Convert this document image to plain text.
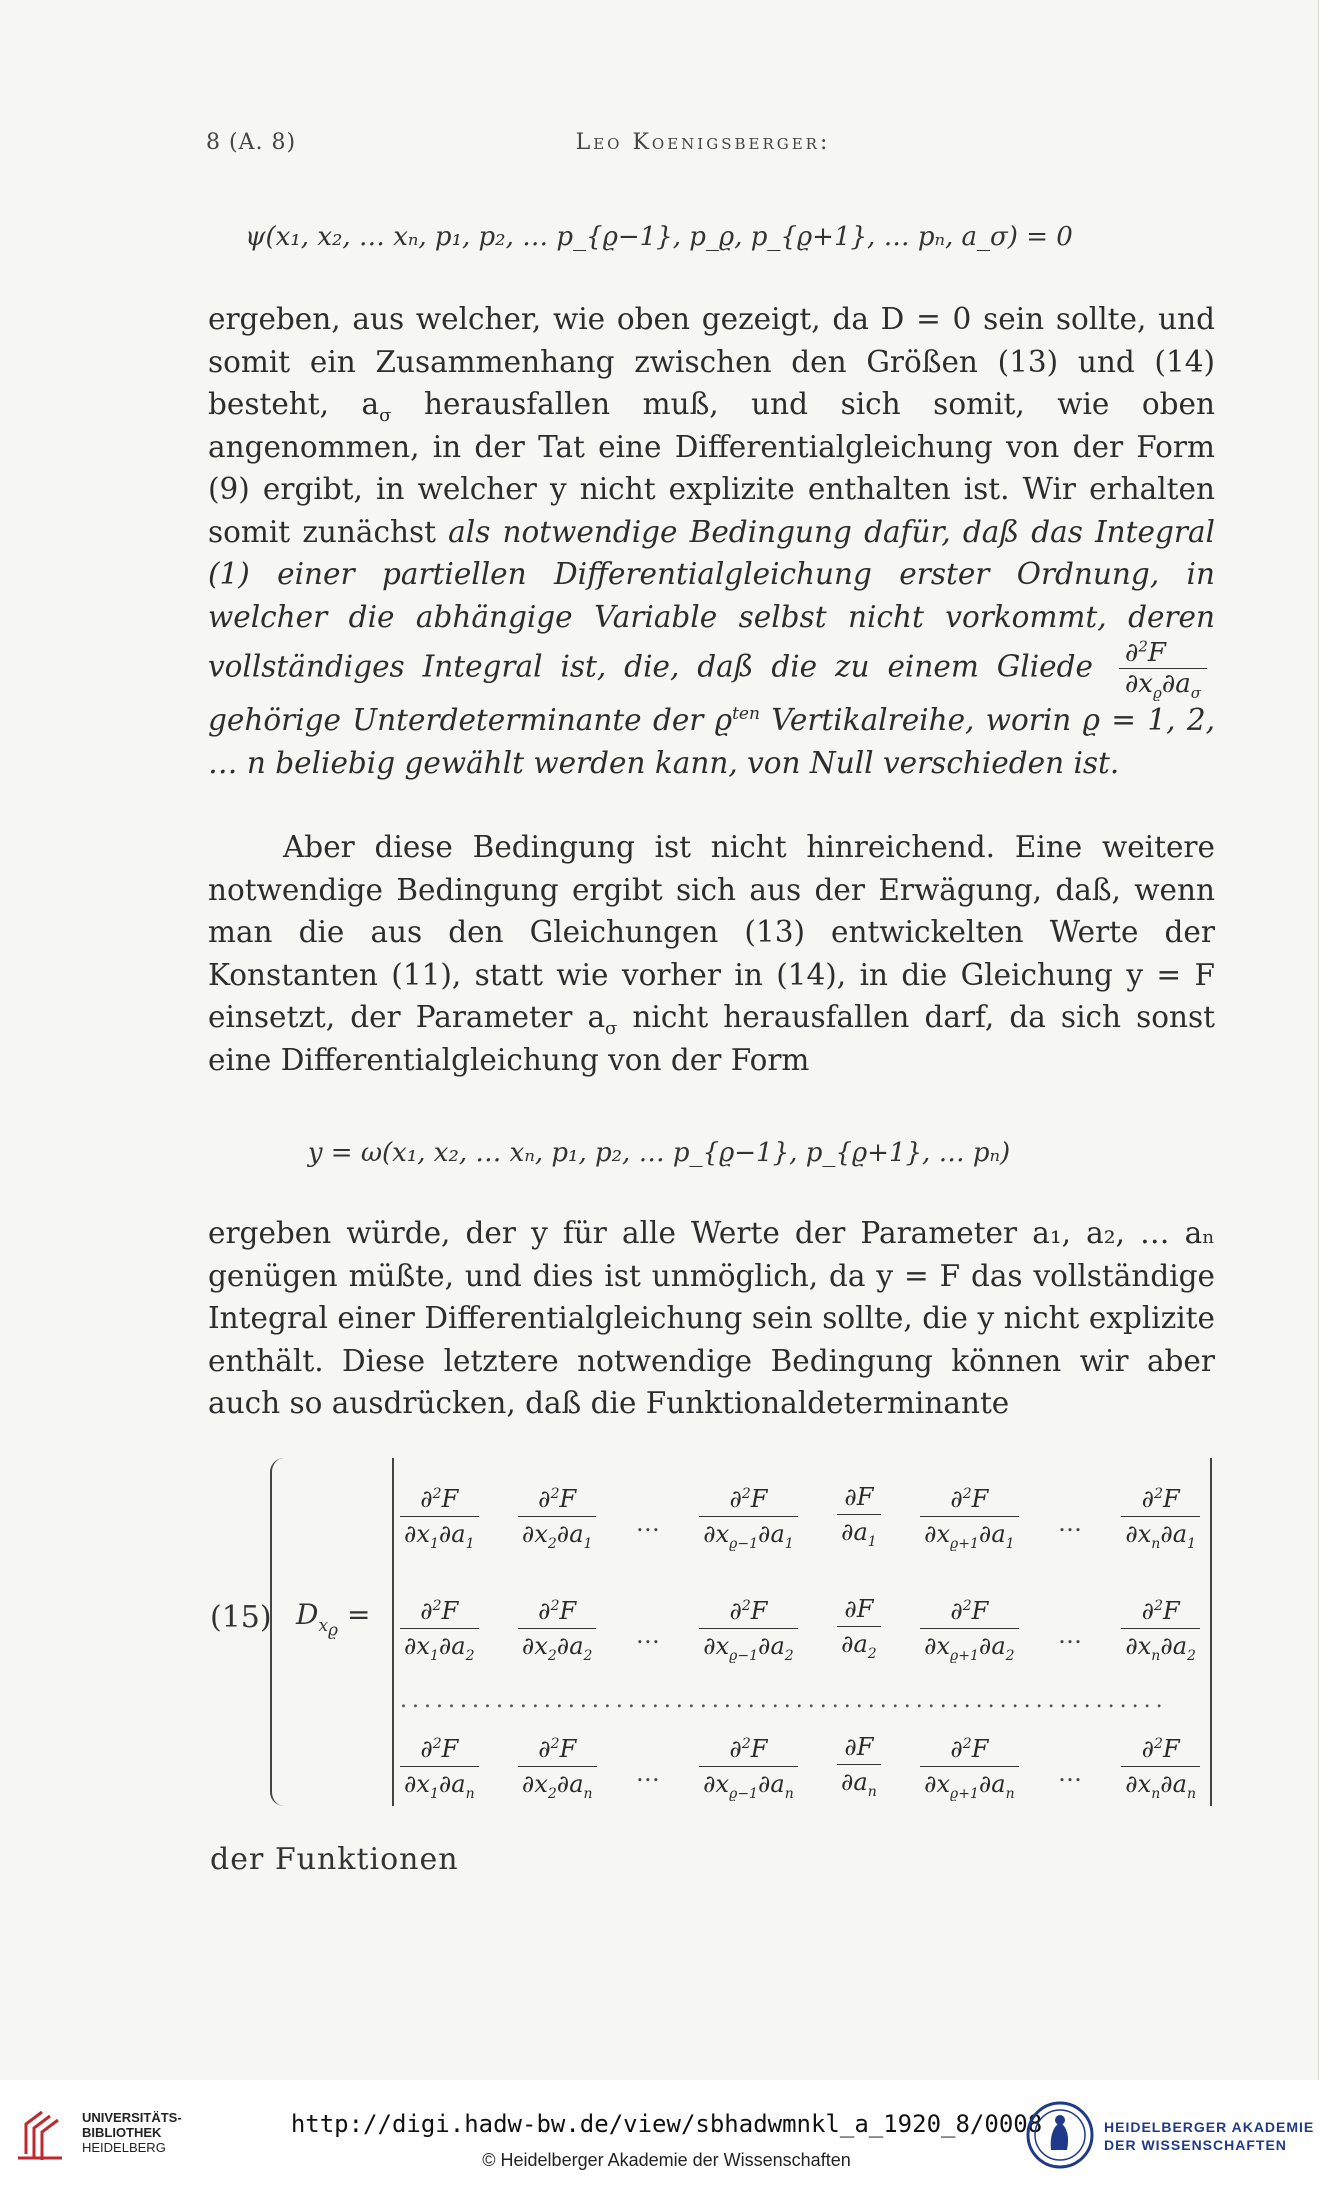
8 (A. 8)	Leo Koenigsberger:
ψ(x₁, x₂, … xₙ, p₁, p₂, … p_{ϱ−1}, p_ϱ, p_{ϱ+1}, … pₙ, a_σ) = 0

ergeben, aus welcher, wie oben gezeigt, da D = 0 sein sollte, und somit ein Zusammenhang zwischen den Größen (13) und (14) besteht, $a_\sigma$ herausfallen muß, und sich somit, wie oben angenommen, in der Tat eine Differentialgleichung von der Form (9) ergibt, in welcher y nicht explizite enthalten ist. Wir erhalten somit zunächst als notwendige Bedingung dafür, daß das Integral (1) einer partiellen Differentialgleichung erster Ordnung, in welcher die abhängige Variable selbst nicht vorkommt, deren vollständiges Integral ist, die, daß die zu einem Gliede $\frac{\partial^2F}{\partial x_ϱ\partial a_\sigma}$
gehörige Unterdeterminante der $ϱ^{ten}$ Vertikalreihe, worin ϱ = 1, 2, … n beliebig gewählt werden kann, von Null verschieden ist.

Aber diese Bedingung ist nicht hinreichend. Eine weitere notwendige Bedingung ergibt sich aus der Erwägung, daß, wenn man die aus den Gleichungen (13) entwickelten Werte der Konstanten (11), statt wie vorher in (14), in die Gleichung y = F einsetzt, der Parameter $a_\sigma$ nicht herausfallen darf, da sich sonst eine Differentialgleichung von der Form

y = ω(x₁, x₂, … xₙ, p₁, p₂, … p_{ϱ−1}, p_{ϱ+1}, … pₙ)

ergeben würde, der y für alle Werte der Parameter a₁, a₂, … aₙ genügen müßte, und dies ist unmöglich, da y = F das vollständige Integral einer Differentialgleichung sein sollte, die y nicht explizite enthält. Diese letztere notwendige Bedingung können wir aber auch so ausdrücken, daß die Funktionaldeterminante

(15) $D_{x_ϱ}$ =
$\frac{\partial^2F}{\partial x_1\partial a_1} \frac{\partial^2F}{\partial x_2\partial a_1}$ … $\frac{\partial^2F}{\partial x_{ϱ-1}\partial a_1} \frac{\partial F}{\partial a_1} \frac{\partial^2F}{\partial x_{ϱ+1}\partial a_1}$ … $\frac{\partial^2F}{\partial x_n\partial a_1}$
$\frac{\partial^2F}{\partial x_1\partial a_2} \frac{\partial^2F}{\partial x_2\partial a_2}$ … $\frac{\partial^2F}{\partial x_{ϱ-1}\partial a_2} \frac{\partial F}{\partial a_2} \frac{\partial^2F}{\partial x_{ϱ+1}\partial a_2}$ … $\frac{\partial^2F}{\partial x_n\partial a_2}$
................................................................
$\frac{\partial^2F}{\partial x_1\partial a_n} \frac{\partial^2F}{\partial x_2\partial a_n}$ … $\frac{\partial^2F}{\partial x_{ϱ-1}\partial a_n} \frac{\partial F}{\partial a_n} \frac{\partial^2F}{\partial x_{ϱ+1}\partial a_n}$ … $\frac{\partial^2F}{\partial x_n\partial a_n}$
der Funktionen
UNIVERSITÄTS-
BIBLIOTHEK
HEIDELBERG
http://digi.hadw-bw.de/view/sbhadwmnkl_a_1920_8/0008
© Heidelberger Akademie der Wissenschaften
HEIDELBERGER AKADEMIE
DER WISSENSCHAFTEN
